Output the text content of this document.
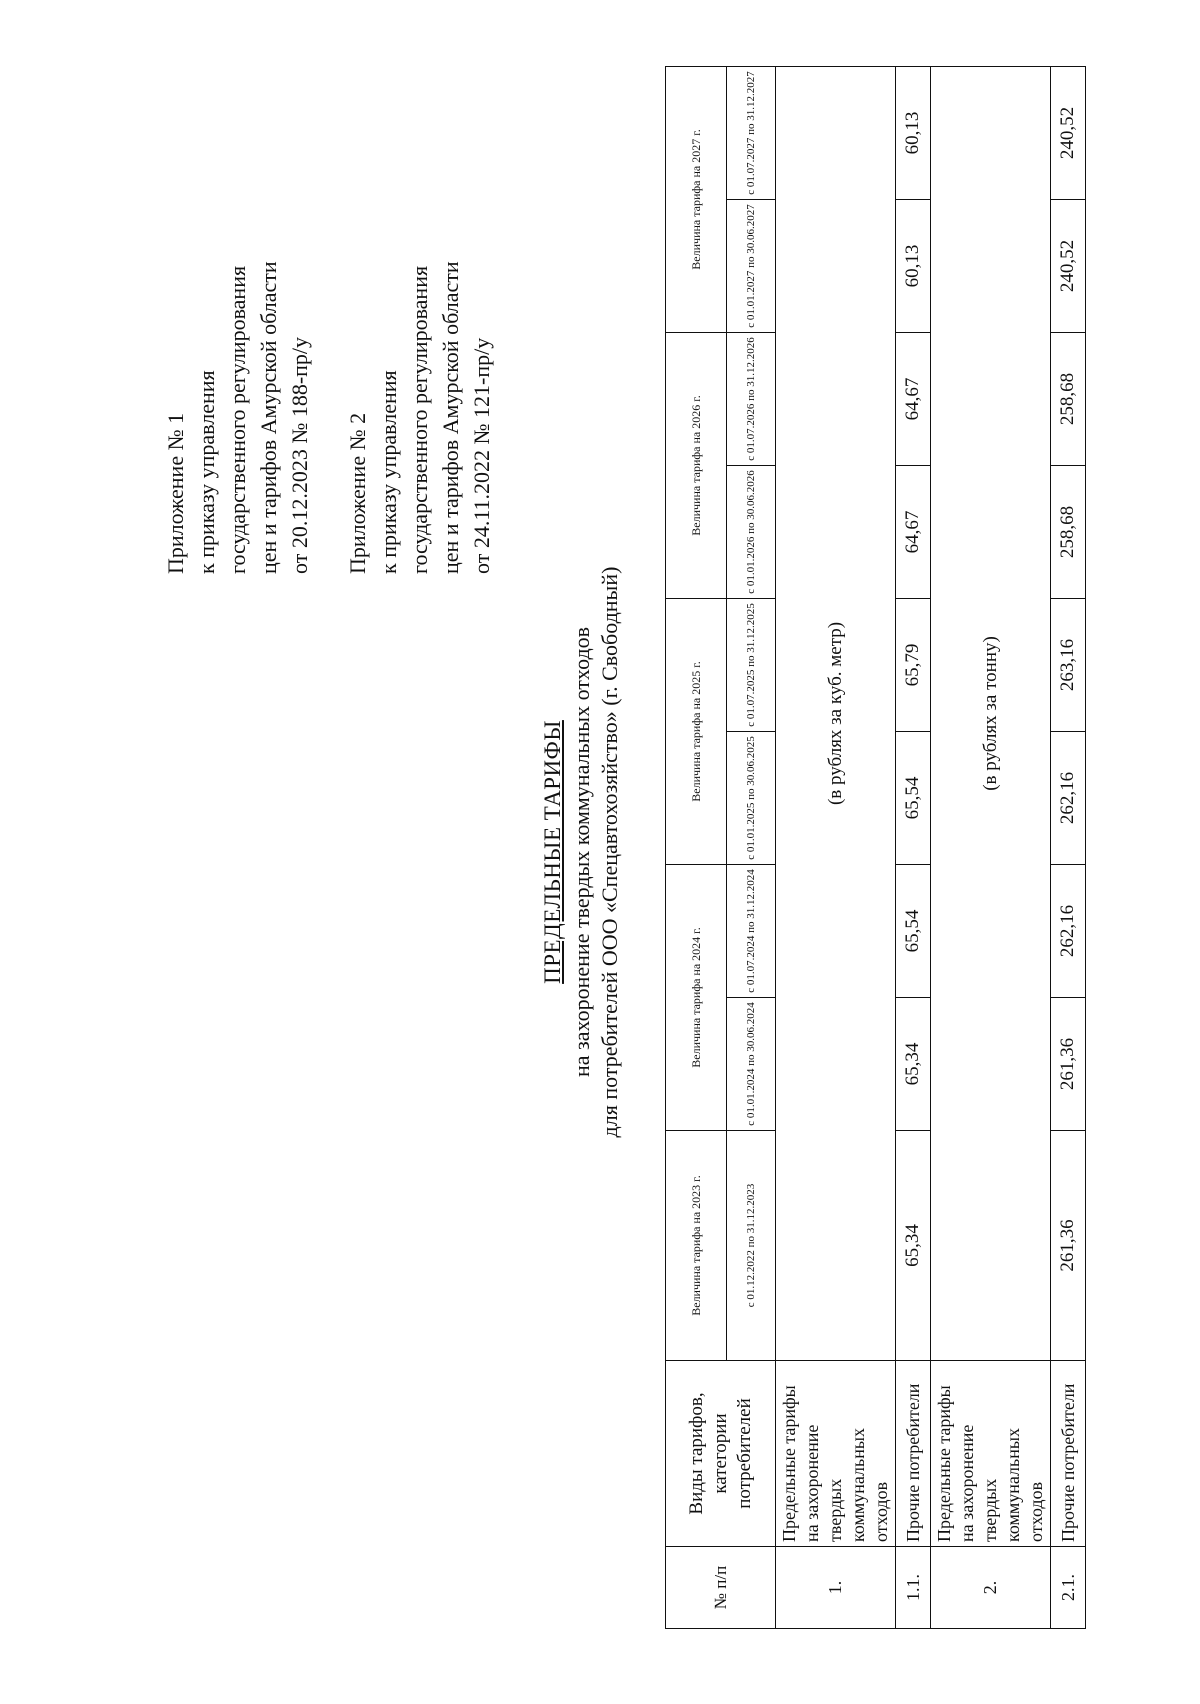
Приложение № 1 к приказу управления государственного регулирования цен и тарифов Амурской области от 20.12.2023 № 188-пр/у Приложение № 2 к приказу управления государственного регулирования цен и тарифов Амурской области от 24.11.2022 № 121-пр/у
ПРЕДЕЛЬНЫЕ ТАРИФЫ на захоронение твердых коммунальных отходов для потребителей ООО «Спецавтохозяйство» (г. Свободный)
№ п/п	Виды тарифов, категории потребителей	Величина тарифа на 2023 г.	Величина тарифа на 2024 г.		Величина тарифа на 2025 г.		Величина тарифа на 2026 г.		Величина тарифа на 2027 г.	
		с 01.12.2022 по 31.12.2023	с 01.01.2024 по 30.06.2024	с 01.07.2024 по 31.12.2024	с 01.01.2025 по 30.06.2025	с 01.07.2025 по 31.12.2025	с 01.01.2026 по 30.06.2026	с 01.07.2026 по 31.12.2026	с 01.01.2027 по 30.06.2027	с 01.07.2027 по 31.12.2027
1.	Предельные тарифы на захоронение твердых коммунальных отходов	(в рублях за куб. метр)								
1.1.	Прочие потребители	65,34	65,34	65,54	65,54	65,79	64,67	64,67	60,13	60,13
2.	Предельные тарифы на захоронение твердых коммунальных отходов	(в рублях за тонну)								
2.1.	Прочие потребители	261,36	261,36	262,16	262,16	263,16	258,68	258,68	240,52	240,52
